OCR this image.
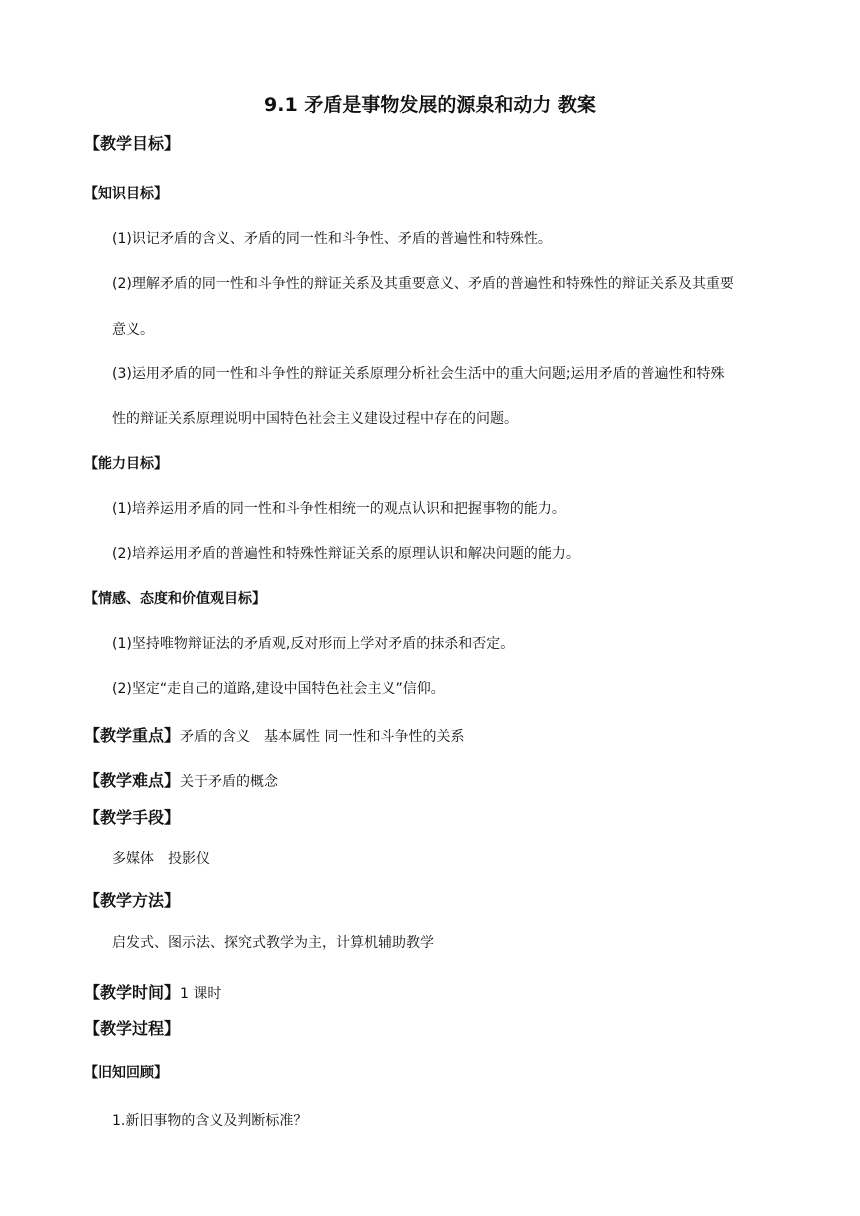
9.1 矛盾是事物发展的源泉和动力 教案
【教学目标】
【知识目标】
(1)识记矛盾的含义、矛盾的同一性和斗争性、矛盾的普遍性和特殊性。
(2)理解矛盾的同一性和斗争性的辩证关系及其重要意义、矛盾的普遍性和特殊性的辩证关系及其重要
意义。
(3)运用矛盾的同一性和斗争性的辩证关系原理分析社会生活中的重大问题;运用矛盾的普遍性和特殊
性的辩证关系原理说明中国特色社会主义建设过程中存在的问题。
【能力目标】
(1)培养运用矛盾的同一性和斗争性相统一的观点认识和把握事物的能力。
(2)培养运用矛盾的普遍性和特殊性辩证关系的原理认识和解决问题的能力。
【情感、态度和价值观目标】
(1)坚持唯物辩证法的矛盾观,反对形而上学对矛盾的抹杀和否定。
(2)坚定“走自己的道路,建设中国特色社会主义”信仰。
【教学重点】矛盾的含义　基本属性 同一性和斗争性的关系
【教学难点】关于矛盾的概念
【教学手段】
多媒体　投影仪
【教学方法】
启发式、图示法、探究式教学为主，计算机辅助教学
【教学时间】1 课时
【教学过程】
【旧知回顾】
1.新旧事物的含义及判断标准？
